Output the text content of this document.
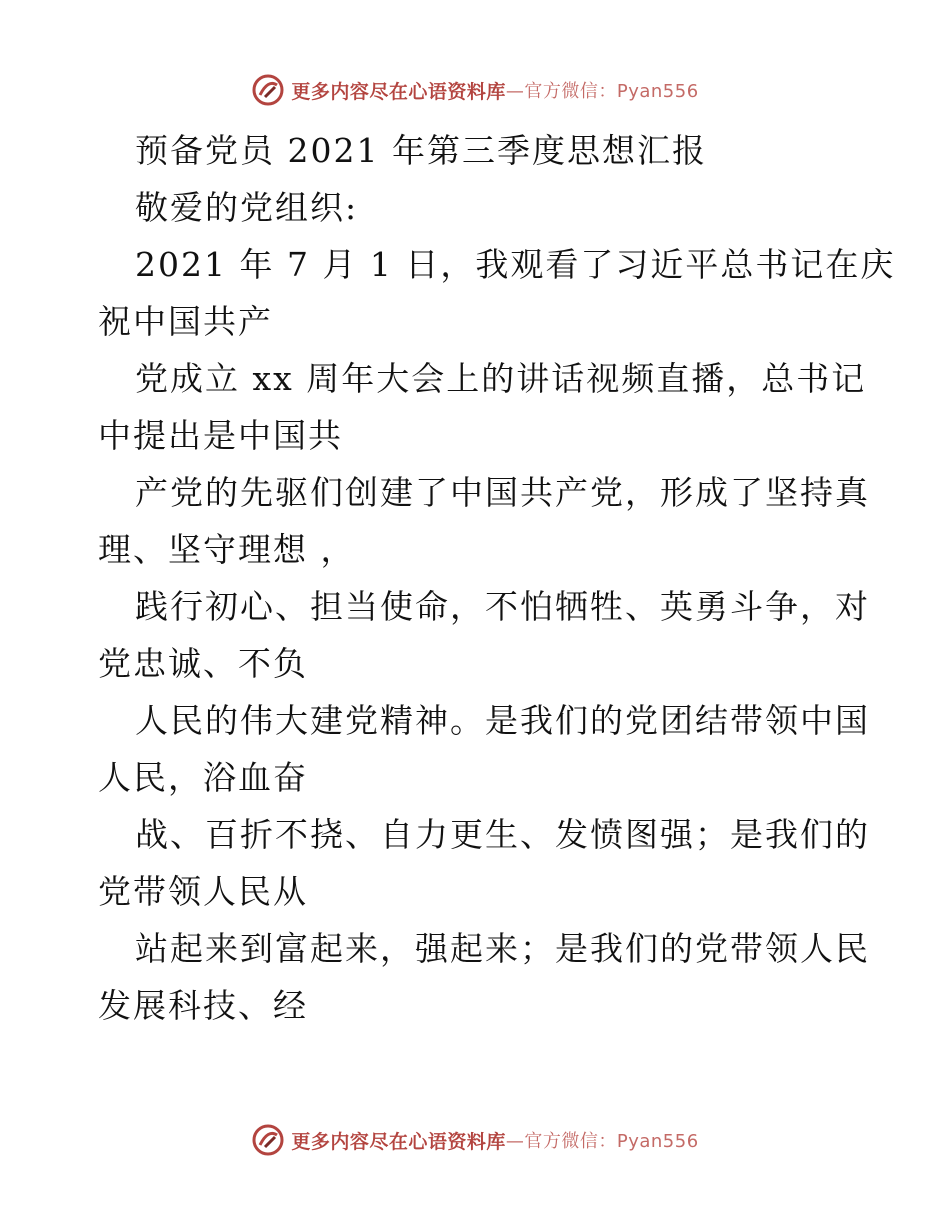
更多内容尽在心语资料库 —官方微信：Pyan556
预备党员 2021 年第三季度思想汇报
敬爱的党组织:
2021 年 7 月 1 日，我观看了习近平总书记在庆
祝中国共产
党成立 xx 周年大会上的讲话视频直播，总书记
中提出是中国共
产党的先驱们创建了中国共产党，形成了坚持真
理、坚守理想 ，
践行初心、担当使命，不怕牺牲、英勇斗争，对
党忠诚、不负
人民的伟大建党精神。是我们的党团结带领中国
人民，浴血奋
战、百折不挠、自力更生、发愤图强；是我们的
党带领人民从
站起来到富起来，强起来；是我们的党带领人民
发展科技、经
更多内容尽在心语资料库 —官方微信：Pyan556
